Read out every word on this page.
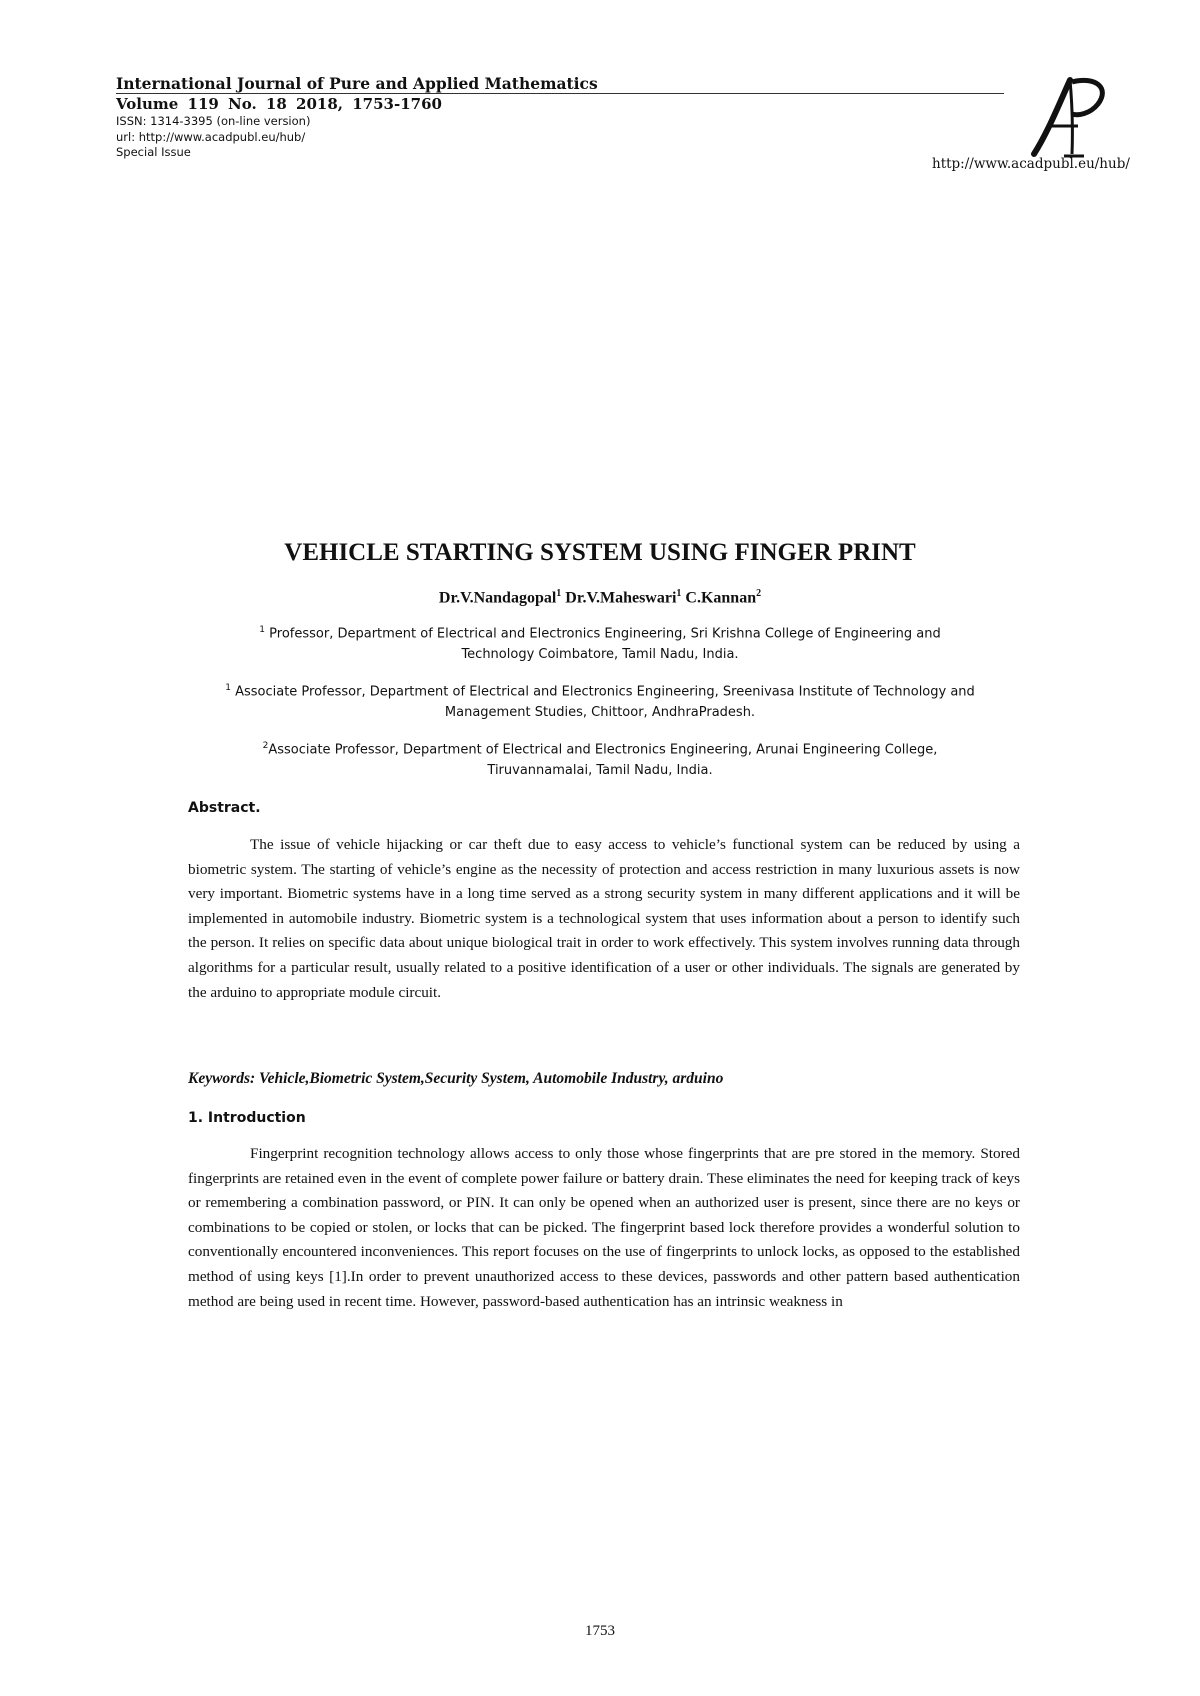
International Journal of Pure and Applied Mathematics
Volume 119 No. 18 2018, 1753-1760
ISSN: 1314-3395 (on-line version)
url: http://www.acadpubl.eu/hub/
Special Issue
http://www.acadpubl.eu/hub/
VEHICLE STARTING SYSTEM USING FINGER PRINT
Dr.V.Nandagopal$^1$ Dr.V.Maheswari$^1$ C.Kannan$^2$
$^1$ Professor, Department of Electrical and Electronics Engineering, Sri Krishna College of Engineering and
Technology Coimbatore, Tamil Nadu, India.
$^1$ Associate Professor, Department of Electrical and Electronics Engineering, Sreenivasa Institute of Technology and
Management Studies, Chittoor, AndhraPradesh.
$^2$Associate Professor, Department of Electrical and Electronics Engineering, Arunai Engineering College,
Tiruvannamalai, Tamil Nadu, India.
Abstract.
The issue of vehicle hijacking or car theft due to easy access to vehicle’s functional system can be reduced by using a biometric system. The starting of vehicle’s engine as the necessity of protection and access restriction in many luxurious assets is now very important. Biometric systems have in a long time served as a strong security system in many different applications and it will be implemented in automobile industry. Biometric system is a technological system that uses information about a person to identify such the person. It relies on specific data about unique biological trait in order to work effectively. This system involves running data through algorithms for a particular result, usually related to a positive identification of a user or other individuals. The signals are generated by the arduino to appropriate module circuit.
Keywords: Vehicle,Biometric System,Security System, Automobile Industry, arduino
1. Introduction
Fingerprint recognition technology allows access to only those whose fingerprints that are pre stored in the memory. Stored fingerprints are retained even in the event of complete power failure or battery drain. These eliminates the need for keeping track of keys or remembering a combination password, or PIN. It can only be opened when an authorized user is present, since there are no keys or combinations to be copied or stolen, or locks that can be picked. The fingerprint based lock therefore provides a wonderful solution to conventionally encountered inconveniences. This report focuses on the use of fingerprints to unlock locks, as opposed to the established method of using keys [1].In order to prevent unauthorized access to these devices, passwords and other pattern based authentication method are being used in recent time. However, password-based authentication has an intrinsic weakness in
1753
